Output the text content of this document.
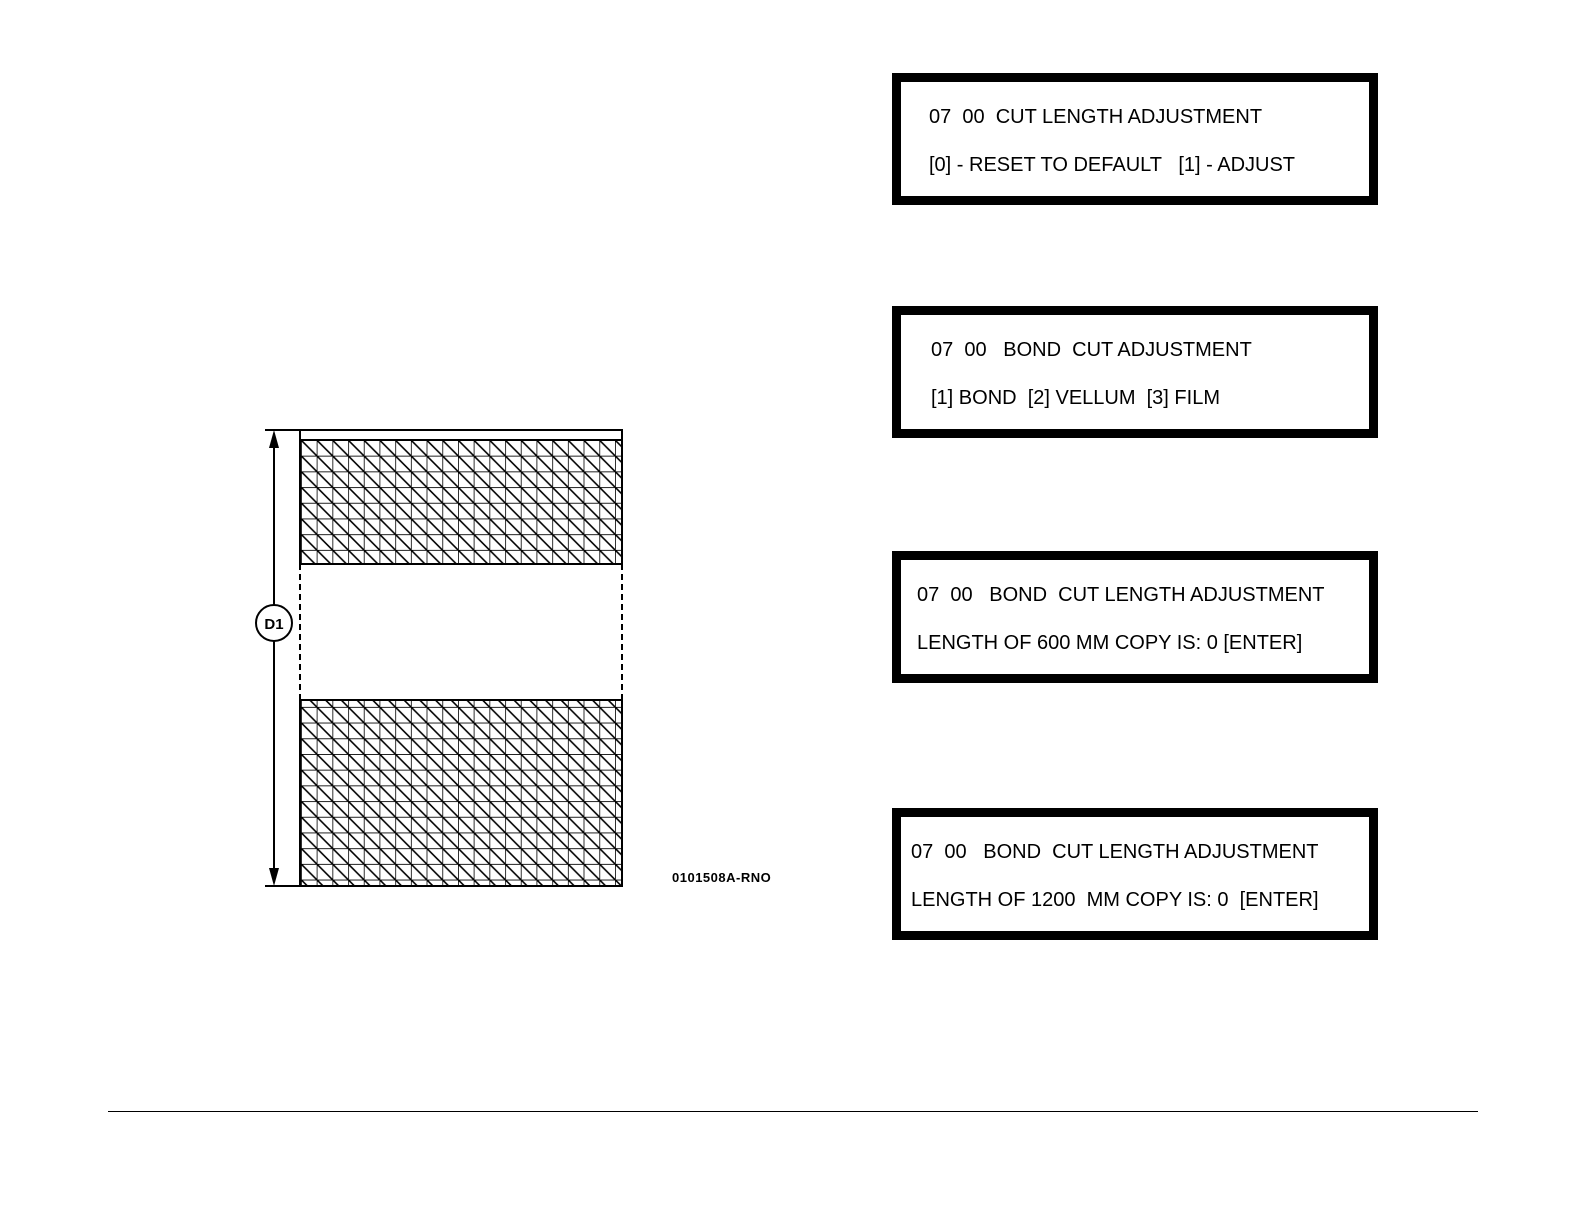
D1
0101508A-RNO
07  00  CUT LENGTH ADJUSTMENT
[0] - RESET TO DEFAULT   [1] - ADJUST
07  00   BOND  CUT ADJUSTMENT
[1] BOND  [2] VELLUM  [3] FILM
07  00   BOND  CUT LENGTH ADJUSTMENT
LENGTH OF 600 MM COPY IS: 0 [ENTER]
07  00   BOND  CUT LENGTH ADJUSTMENT
LENGTH OF 1200  MM COPY IS: 0  [ENTER]
